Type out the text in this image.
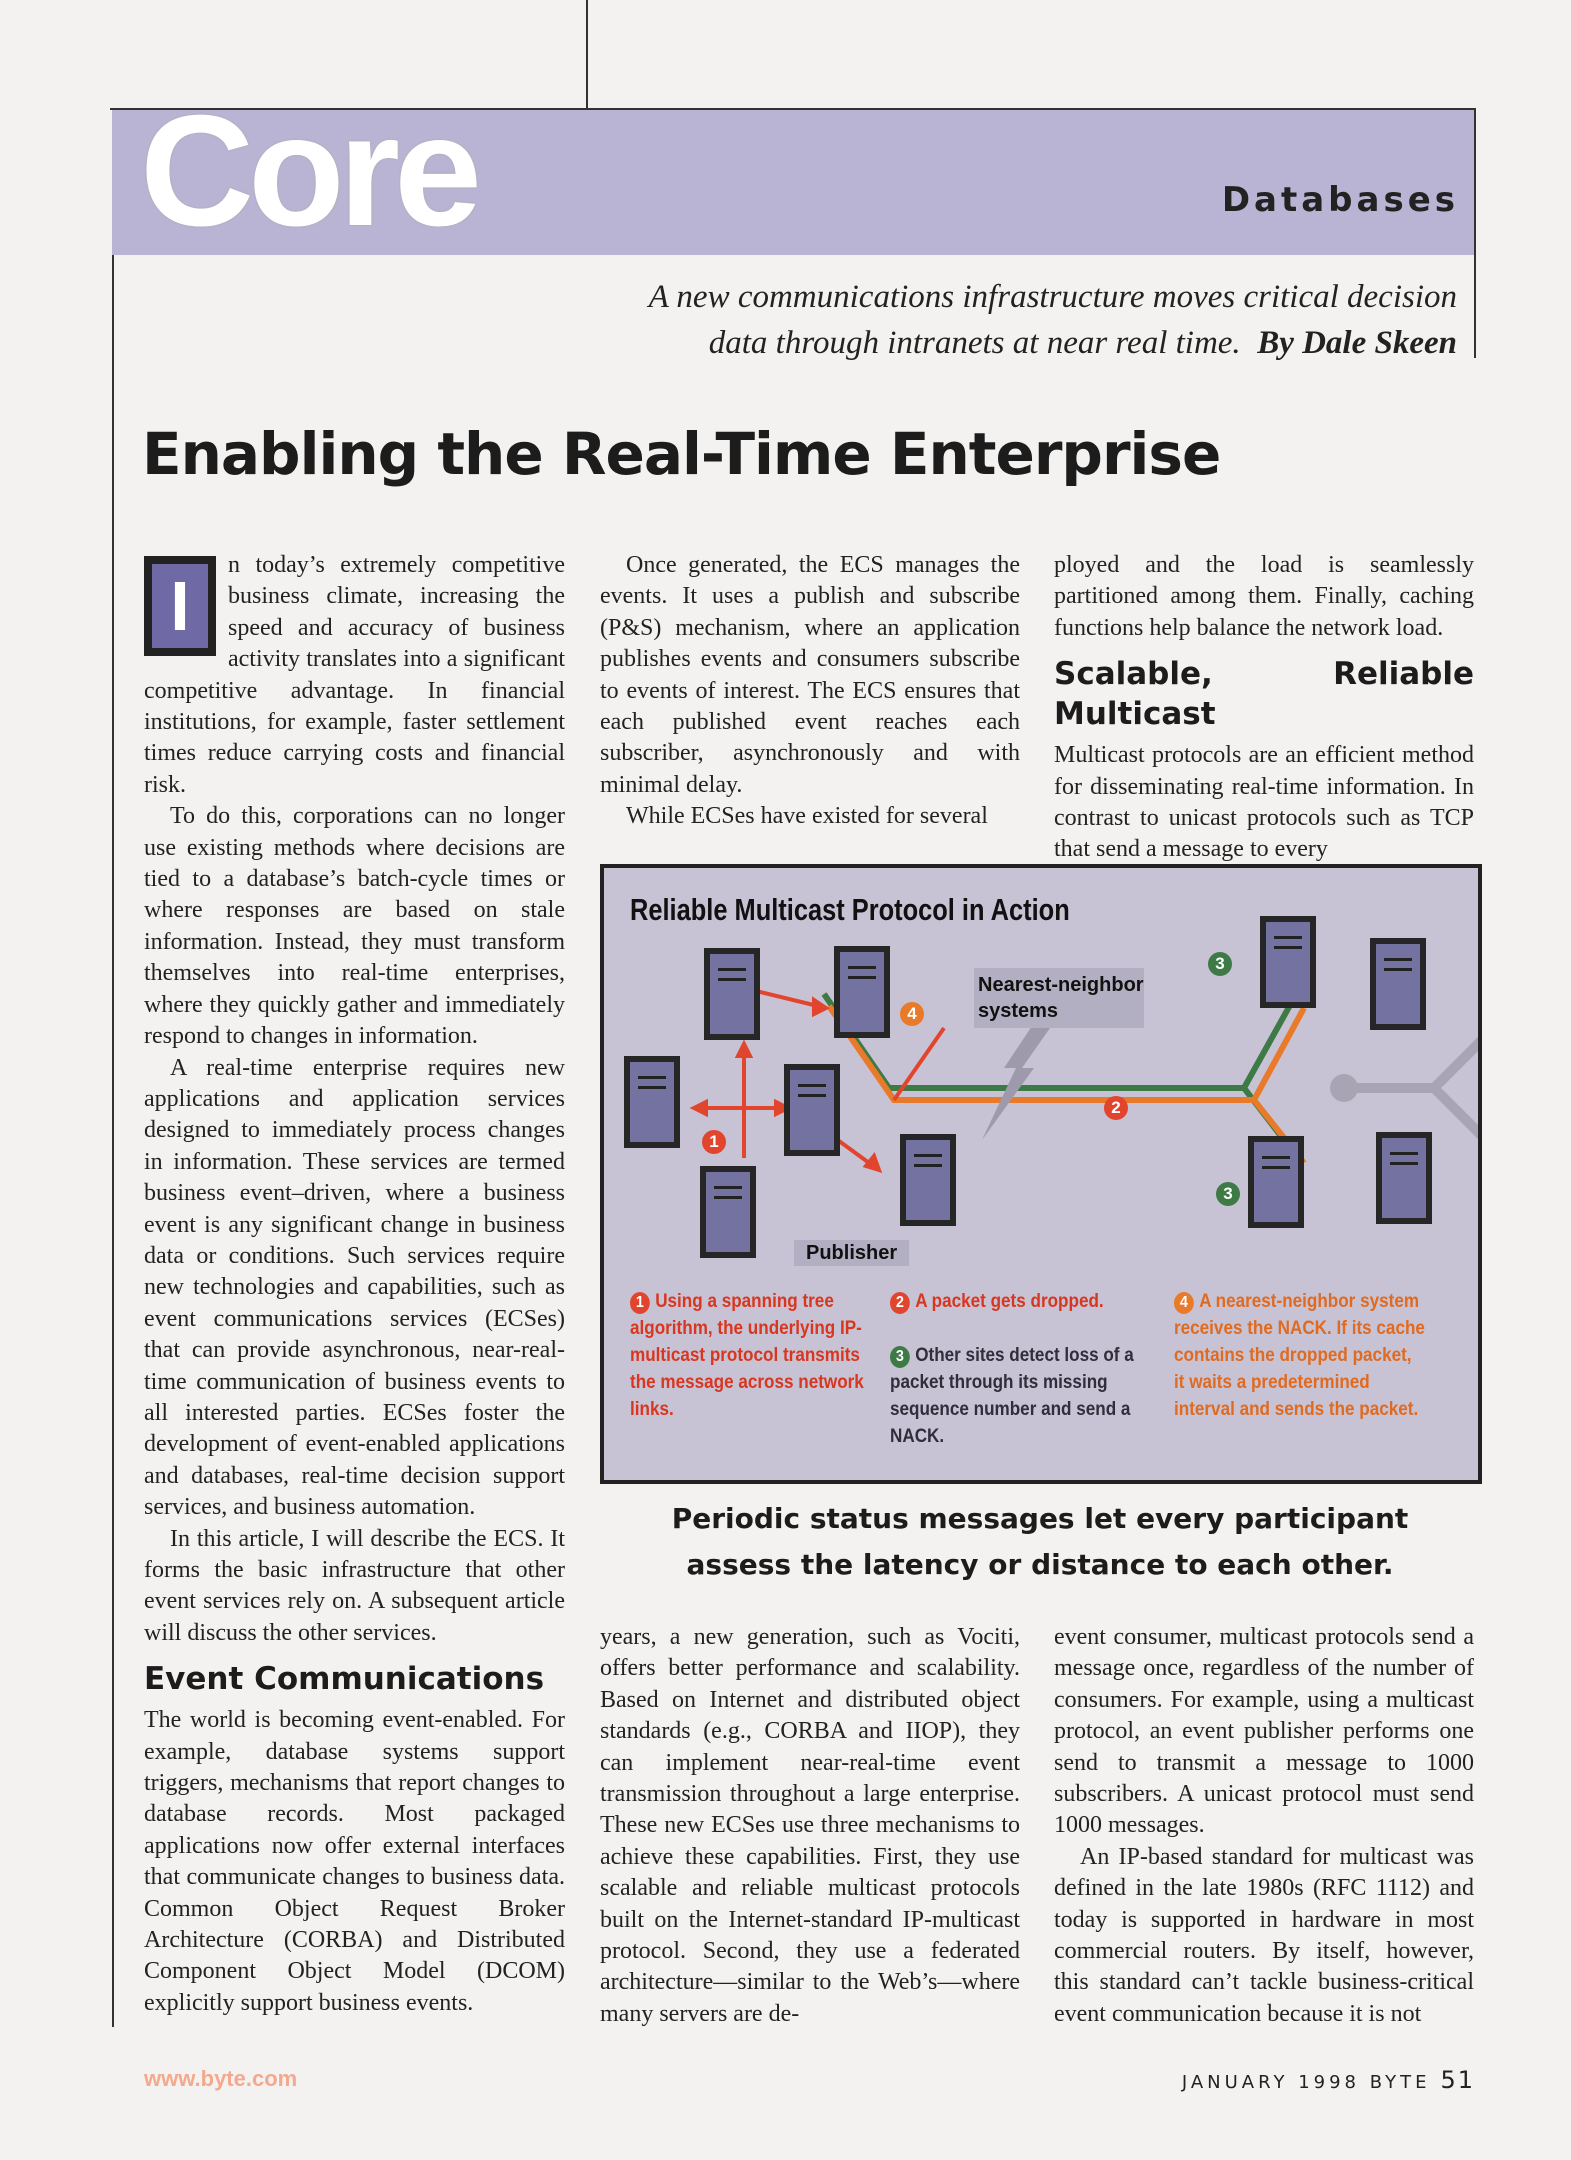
Core	Databases
A new communications infrastructure moves critical decision
data through intranets at near real time. By Dale Skeen
Enabling the Real-Time Enterprise

I
n today’s extremely competitive business climate, increasing the speed and accuracy of business activity translates into a significant competitive advantage. In financial institutions, for example, faster settlement times reduce carrying costs and financial risk.

To do this, corporations can no longer use existing methods where decisions are tied to a database’s batch-cycle times or where responses are based on stale information. Instead, they must transform themselves into real-time enterprises, where they quickly gather and immediately respond to changes in information.

A real-time enterprise requires new applications and application services designed to immediately process changes in information. These services are termed business event–driven, where a business event is any significant change in business data or conditions. Such services require new technologies and capabilities, such as event communications services (ECSes) that can provide asynchronous, near-real-time communication of business events to all interested parties. ECSes foster the development of event-enabled applications and databases, real-time decision support services, and business automation.

In this article, I will describe the ECS. It forms the basic infrastructure that other event services rely on. A subsequent article will discuss the other services.

Event Communications

The world is becoming event-enabled. For example, database systems support triggers, mechanisms that report changes to database records. Most packaged applications now offer external interfaces that communicate changes to business data. Common Object Request Broker Architecture (CORBA) and Distributed Component Object Model (DCOM) explicitly support business events.

Once generated, the ECS manages the events. It uses a publish and subscribe (P&S) mechanism, where an application publishes events and consumers subscribe to events of interest. The ECS ensures that each published event reaches each subscriber, asynchronously and with minimal delay.

While ECSes have existed for several

ployed and the load is seamlessly partitioned among them. Finally, caching functions help balance the network load.

Scalable, Reliable Multicast

Multicast protocols are an efficient method for disseminating real-time information. In contrast to unicast protocols such as TCP that send a message to every

Nearest-neighbor systems
Publisher
1
2
3
3
4
1 Using a spanning tree algorithm, the underlying IP-multicast protocol transmits the message across network links.
2 A packet gets dropped.
3 Other sites detect loss of a packet through its missing sequence number and send a NACK.
4 A nearest-neighbor system receives the NACK. If its cache contains the dropped packet, it waits a predetermined interval and sends the packet.
Reliable Multicast Protocol in Action
Periodic status messages let every participant
assess the latency or distance to each other.

years, a new generation, such as Vociti, offers better performance and scalability. Based on Internet and distributed object standards (e.g., CORBA and IIOP), they can implement near-real-time event transmission throughout a large enterprise. These new ECSes use three mechanisms to achieve these capabilities. First, they use scalable and reliable multicast protocols built on the Internet-standard IP-multicast protocol. Second, they use a federated architecture—similar to the Web’s—where many servers are de-

event consumer, multicast protocols send a message once, regardless of the number of consumers. For example, using a multicast protocol, an event publisher performs one send to transmit a message to 1000 subscribers. A unicast protocol must send 1000 messages.

An IP-based standard for multicast was defined in the late 1980s (RFC 1112) and today is supported in hardware in most commercial routers. By itself, however, this standard can’t tackle business-critical event communication because it is not

www.byte.com	JANUARY 1998 BYTE 51
